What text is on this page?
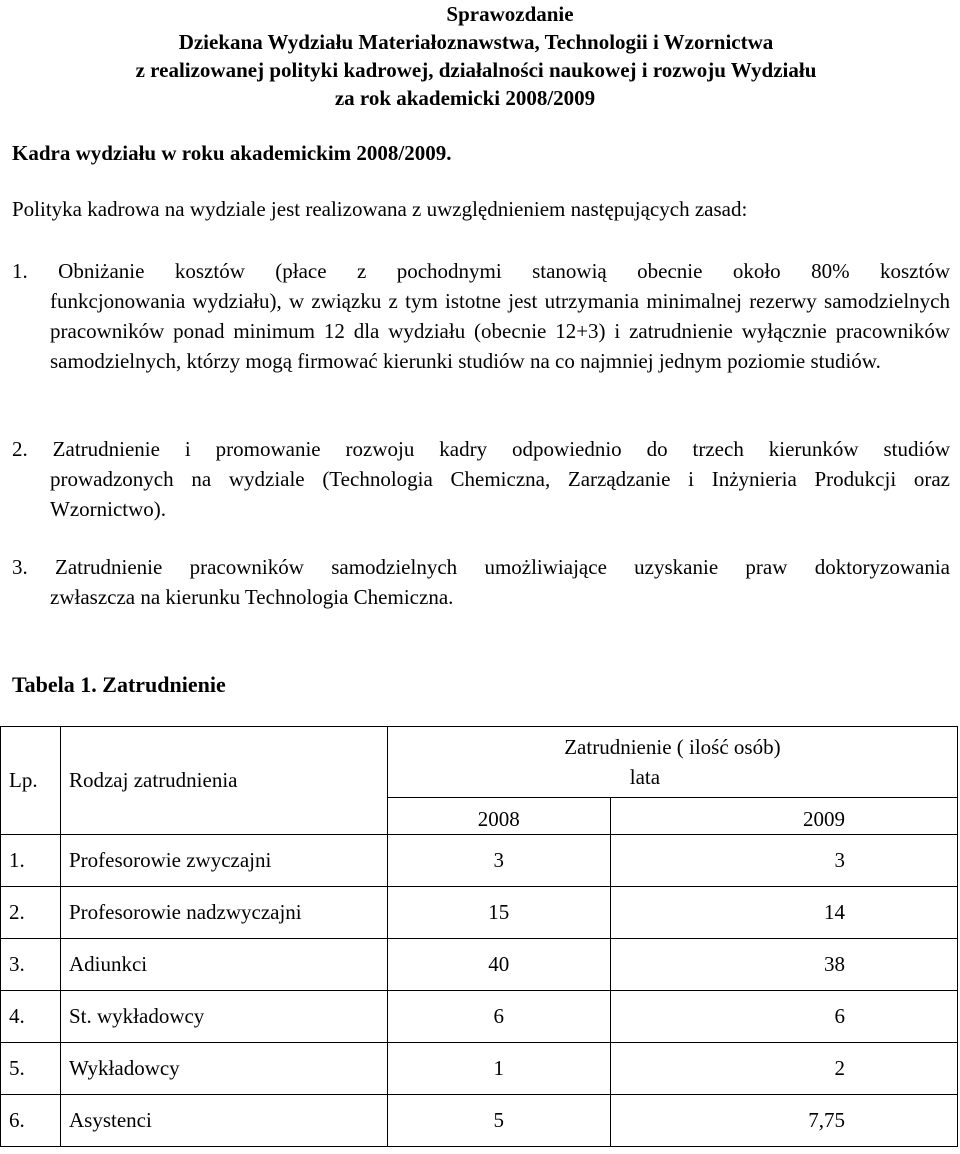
Sprawozdanie
Dziekana Wydziału Materiałoznawstwa, Technologii i Wzornictwa
z realizowanej polityki kadrowej, działalności naukowej i rozwoju Wydziału
za rok akademicki 2008/2009
Kadra wydziału w roku akademickim 2008/2009.
Polityka kadrowa na wydziale jest realizowana z uwzględnieniem następujących zasad:
1. Obniżanie kosztów (płace z pochodnymi stanowią obecnie około 80% kosztów
funkcjonowania wydziału), w związku z tym istotne jest utrzymania minimalnej rezerwy samodzielnych pracowników ponad minimum 12 dla wydziału (obecnie 12+3) i zatrudnienie wyłącznie pracowników samodzielnych, którzy mogą firmować kierunki studiów na co najmniej jednym poziomie studiów.
2. Zatrudnienie i promowanie rozwoju kadry odpowiednio do trzech kierunków studiów
prowadzonych na wydziale (Technologia Chemiczna, Zarządzanie i Inżynieria Produkcji oraz Wzornictwo).
3. Zatrudnienie pracowników samodzielnych umożliwiające uzyskanie praw doktoryzowania
zwłaszcza na kierunku Technologia Chemiczna.
Tabela 1. Zatrudnienie
Lp.	Rodzaj zatrudnienia	Zatrudnienie ( ilość osób)
lata	

		2008	2009
1.	Profesorowie zwyczajni	3	3
2.	Profesorowie nadzwyczajni	15	14
3.	Adiunkci	40	38
4.	St. wykładowcy	6	6
5.	Wykładowcy	1	2
6.	Asystenci	5	7,75
